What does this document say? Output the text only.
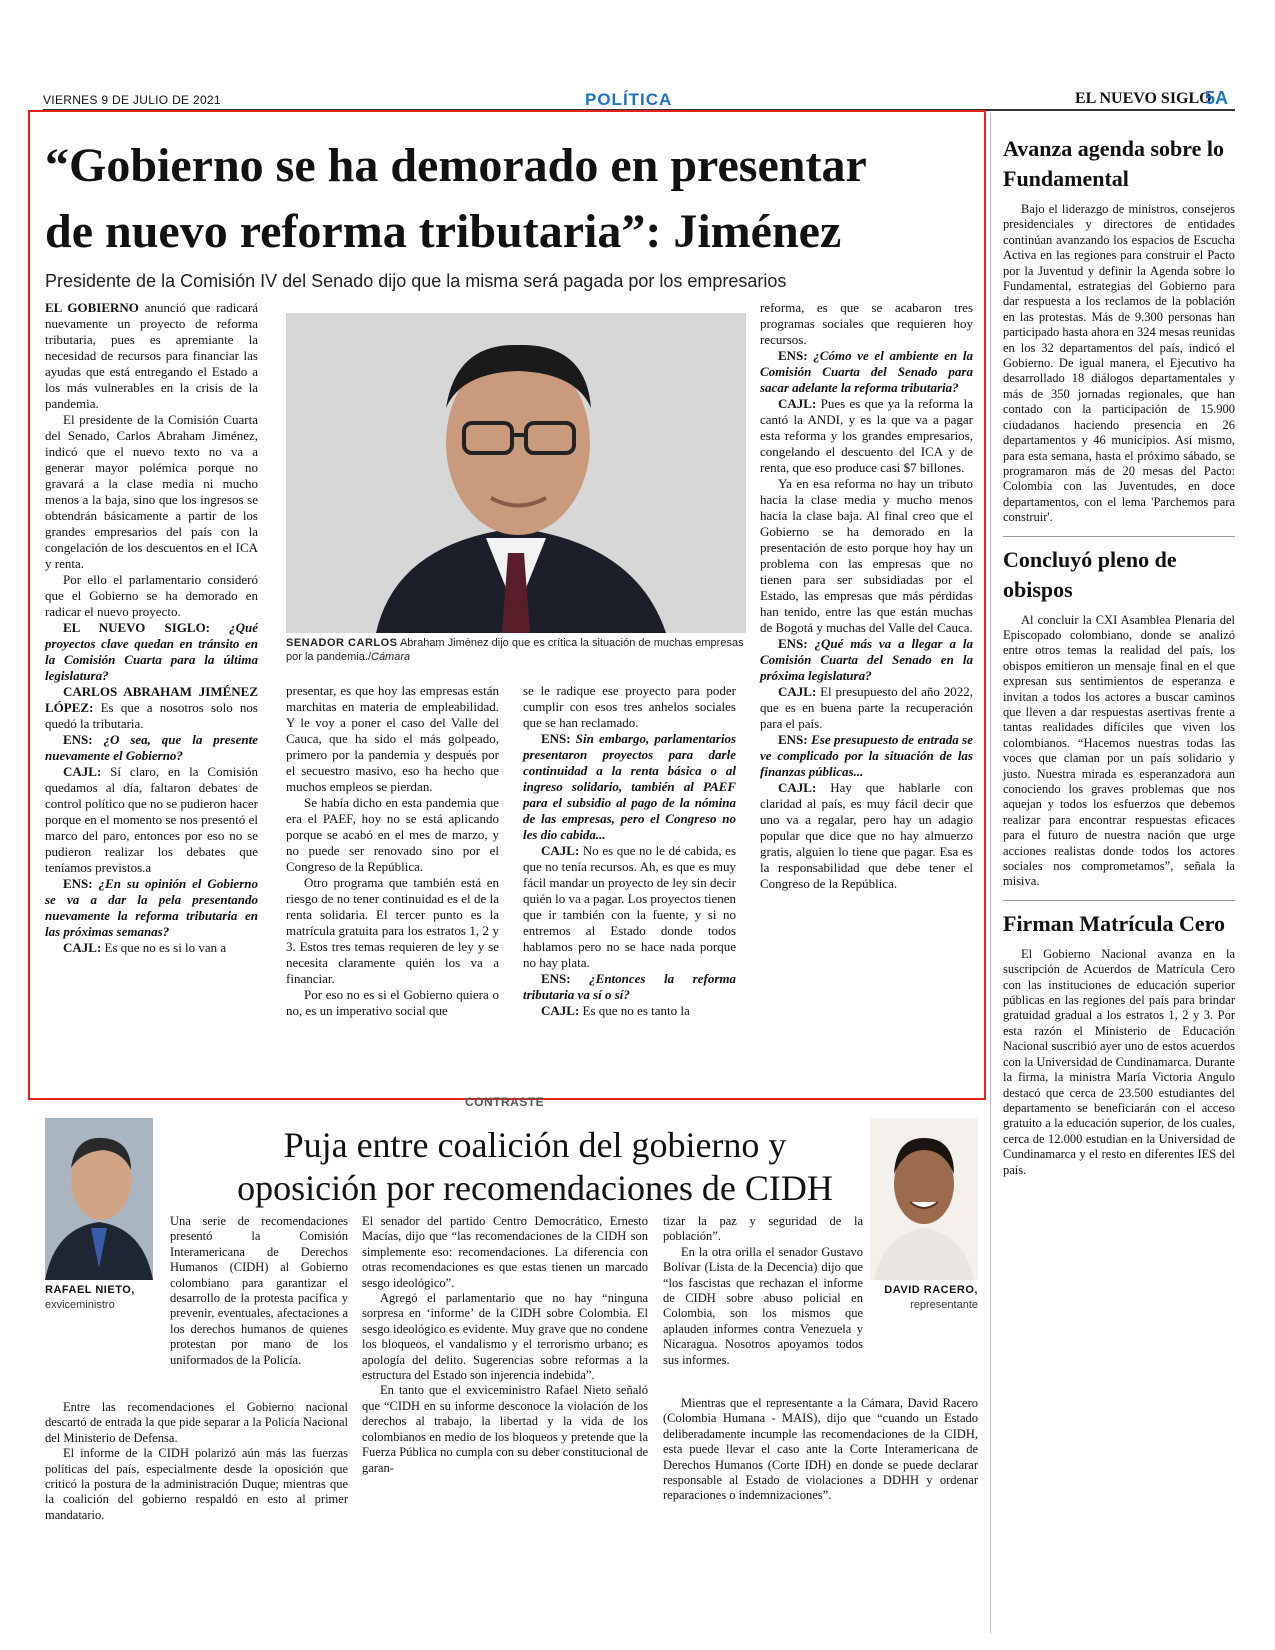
VIERNES 9 DE JULIO DE 2021	POLÍTICA	EL NUEVO SIGLO
5A
“Gobierno se ha demorado en presentar
de nuevo reforma tributaria”: Jiménez
Presidente de la Comisión IV del Senado dijo que la misma será pagada por los empresarios

EL GOBIERNO anunció que radicará nuevamente un proyecto de reforma tributaria, pues es apremiante la necesidad de recursos para financiar las ayudas que está entregando el Estado a los más vulnerables en la crisis de la pandemia.

El presidente de la Comisión Cuarta del Senado, Carlos Abraham Jiménez, indicó que el nuevo texto no va a generar mayor polémica porque no gravará a la clase media ni mucho menos a la baja, sino que los ingresos se obtendrán básicamente a partir de los grandes empresarios del país con la congelación de los descuentos en el ICA y renta.

Por ello el parlamentario consideró que el Gobierno se ha demorado en radicar el nuevo proyecto.

EL NUEVO SIGLO: ¿Qué proyectos clave quedan en tránsito en la Comisión Cuarta para la última legislatura?

CARLOS ABRAHAM JIMÉNEZ LÓPEZ: Es que a nosotros solo nos quedó la tributaria.

ENS: ¿O sea, que la presente nuevamente el Gobierno?

CAJL: Sí claro, en la Comisión quedamos al día, faltaron debates de control político que no se pudieron hacer porque en el momento se nos presentó el marco del paro, entonces por eso no se pudieron realizar los debates que teníamos previstos.a

ENS: ¿En su opinión el Gobierno se va a dar la pela presentando nuevamente la reforma tributaria en las próximas semanas?

CAJL: Es que no es si lo van a

SENADOR CARLOS Abraham Jiménez dijo que es crítica la situación de muchas empresas por la pandemia./Cámara

presentar, es que hoy las empresas están marchitas en materia de empleabilidad. Y le voy a poner el caso del Valle del Cauca, que ha sido el más golpeado, primero por la pandemia y después por el secuestro masivo, eso ha hecho que muchos empleos se pierdan.

Se había dicho en esta pandemia que era el PAEF, hoy no se está aplicando porque se acabó en el mes de marzo, y no puede ser renovado sino por el Congreso de la República.

Otro programa que también está en riesgo de no tener continuidad es el de la renta solidaria. El tercer punto es la matrícula gratuita para los estratos 1, 2 y 3. Estos tres temas requieren de ley y se necesita claramente quién los va a financiar.

Por eso no es si el Gobierno quiera o no, es un imperativo social que

se le radique ese proyecto para poder cumplir con esos tres anhelos sociales que se han reclamado.

ENS: Sin embargo, parlamentarios presentaron proyectos para darle continuidad a la renta básica o al ingreso solidario, también al PAEF para el subsidio al pago de la nómina de las empresas, pero el Congreso no les dio cabida...

CAJL: No es que no le dé cabida, es que no tenía recursos. Ah, es que es muy fácil mandar un proyecto de ley sin decir quién lo va a pagar. Los proyectos tienen que ir también con la fuente, y si no entremos al Estado donde todos hablamos pero no se hace nada porque no hay plata.

ENS: ¿Entonces la reforma tributaria va sí o sí?

CAJL: Es que no es tanto la

reforma, es que se acabaron tres programas sociales que requieren hoy recursos.

ENS: ¿Cómo ve el ambiente en la Comisión Cuarta del Senado para sacar adelante la reforma tributaria?

CAJL: Pues es que ya la reforma la cantó la ANDI, y es la que va a pagar esta reforma y los grandes empresarios, congelando el descuento del ICA y de renta, que eso produce casi $7 billones.

Ya en esa reforma no hay un tributo hacia la clase media y mucho menos hacia la clase baja. Al final creo que el Gobierno se ha demorado en la presentación de esto porque hoy hay un problema con las empresas que no tienen para ser subsidiadas por el Estado, las empresas que más pérdidas han tenido, entre las que están muchas de Bogotá y muchas del Valle del Cauca.

ENS: ¿Qué más va a llegar a la Comisión Cuarta del Senado en la próxima legislatura?

CAJL: El presupuesto del año 2022, que es en buena parte la recuperación para el país.

ENS: Ese presupuesto de entrada se ve complicado por la situación de las finanzas públicas...

CAJL: Hay que hablarle con claridad al país, es muy fácil decir que uno va a regalar, pero hay un adagio popular que dice que no hay almuerzo gratis, alguien lo tiene que pagar. Esa es la responsabilidad que debe tener el Congreso de la República.

Avanza agenda sobre lo Fundamental

Bajo el liderazgo de ministros, consejeros presidenciales y directores de entidades continúan avanzando los espacios de Escucha Activa en las regiones para construir el Pacto por la Juventud y definir la Agenda sobre lo Fundamental, estrategias del Gobierno para dar respuesta a los reclamos de la población en las protestas. Más de 9.300 personas han participado hasta ahora en 324 mesas reunidas en los 32 departamentos del país, indicó el Gobierno. De igual manera, el Ejecutivo ha desarrollado 18 diálogos departamentales y más de 350 jornadas regionales, que han contado con la participación de 15.900 ciudadanos haciendo presencia en 26 departamentos y 46 municipios. Así mismo, para esta semana, hasta el próximo sábado, se programaron más de 20 mesas del Pacto: Colombia con las Juventudes, en doce departamentos, con el lema 'Parchemos para construir'.

Concluyó pleno de obispos

Al concluir la CXI Asamblea Plenaria del Episcopado colombiano, donde se analizó entre otros temas la realidad del país, los obispos emitieron un mensaje final en el que expresan sus sentimientos de esperanza e invitan a todos los actores a buscar caminos que lleven a dar respuestas asertivas frente a tantas realidades difíciles que viven los colombianos. “Hacemos nuestras todas las voces que claman por un país solidario y justo. Nuestra mirada es esperanzadora aun conociendo los graves problemas que nos aquejan y todos los esfuerzos que debemos realizar para encontrar respuestas eficaces para el futuro de nuestra nación que urge acciones realistas donde todos los actores sociales nos comprometamos”, señala la misiva.

Firman Matrícula Cero

El Gobierno Nacional avanza en la suscripción de Acuerdos de Matrícula Cero con las instituciones de educación superior públicas en las regiones del país para brindar gratuidad gradual a los estratos 1, 2 y 3. Por esta razón el Ministerio de Educación Nacional suscribió ayer uno de estos acuerdos con la Universidad de Cundinamarca. Durante la firma, la ministra María Victoria Angulo destacó que cerca de 23.500 estudiantes del departamento se beneficiarán con el acceso gratuito a la educación superior, de los cuales, cerca de 12.000 estudian en la Universidad de Cundinamarca y el resto en diferentes IES del país.

CONTRASTE
Puja entre coalición del gobierno y
oposición por recomendaciones de CIDH
RAFAEL NIETO,
exviceministro
DAVID RACERO,
representante

Una serie de recomendaciones presentó la Comisión Interamericana de Derechos Humanos (CIDH) al Gobierno colombiano para garantizar el desarrollo de la protesta pacífica y prevenir, eventuales, afectaciones a los derechos humanos de quienes protestan por mano de los uniformados de la Policía.

Entre las recomendaciones el Gobierno nacional descartó de entrada la que pide separar a la Policía Nacional del Ministerio de Defensa.

El informe de la CIDH polarizó aún más las fuerzas políticas del país, especialmente desde la oposición que criticó la postura de la administración Duque; mientras que la coalición del gobierno respaldó en esto al primer mandatario.

El senador del partido Centro Democrático, Ernesto Macías, dijo que “las recomendaciones de la CIDH son simplemente eso: recomendaciones. La diferencia con otras recomendaciones es que estas tienen un marcado sesgo ideológico”.

Agregó el parlamentario que no hay “ninguna sorpresa en ‘informe’ de la CIDH sobre Colombia. El sesgo ideológico es evidente. Muy grave que no condene los bloqueos, el vandalismo y el terrorismo urbano; es apología del delito. Sugerencias sobre reformas a la estructura del Estado son injerencia indebida”.

En tanto que el exviceministro Rafael Nieto señaló que “CIDH en su informe desconoce la violación de los derechos al trabajo, la libertad y la vida de los colombianos en medio de los bloqueos y pretende que la Fuerza Pública no cumpla con su deber constitucional de garan-

tizar la paz y seguridad de la población”.

En la otra orilla el senador Gustavo Bolívar (Lista de la Decencia) dijo que “los fascistas que rechazan el informe de CIDH sobre abuso policial en Colombia, son los mismos que aplauden informes contra Venezuela y Nicaragua. Nosotros apoyamos todos sus informes.

Mientras que el representante a la Cámara, David Racero (Colombia Humana - MAIS), dijo que “cuando un Estado deliberadamente incumple las recomendaciones de la CIDH, esta puede llevar el caso ante la Corte Interamericana de Derechos Humanos (Corte IDH) en donde se puede declarar responsable al Estado de violaciones a DDHH y ordenar reparaciones o indemnizaciones”.
